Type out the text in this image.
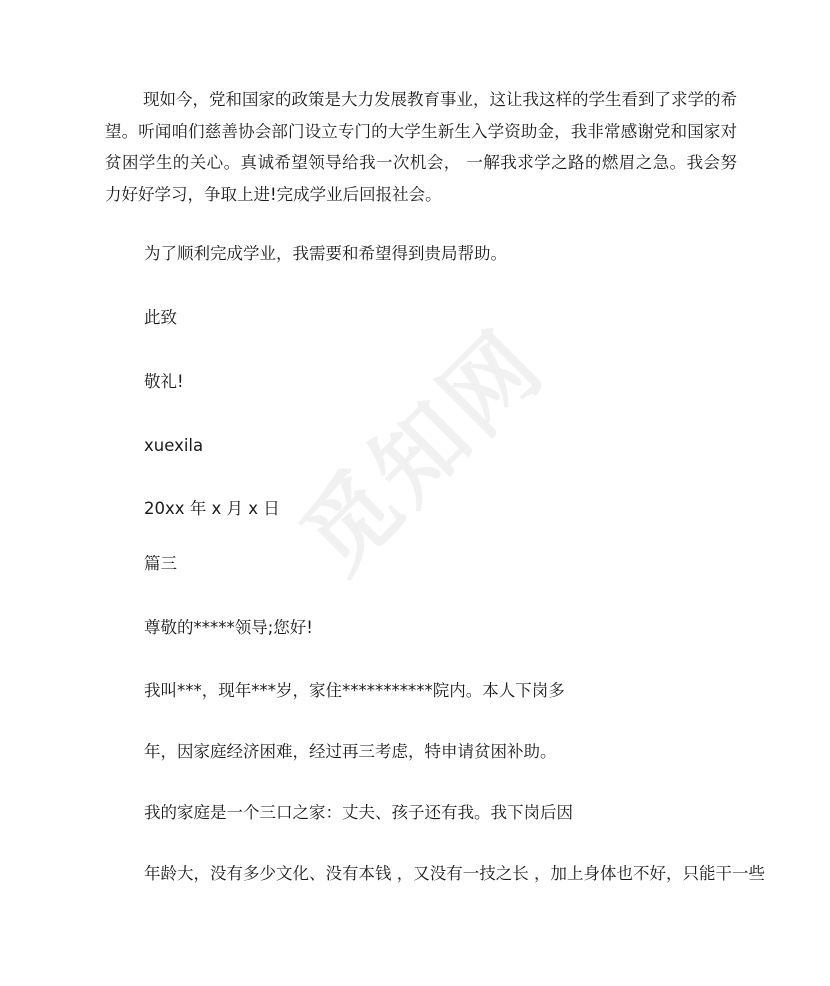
觅知网

现如今，党和国家的政策是大力发展教育事业，这让我这样的学生看到了求学的希望。听闻咱们慈善协会部门设立专门的大学生新生入学资助金，我非常感谢党和国家对贫困学生的关心。真诚希望领导给我一次机会， 一解我求学之路的燃眉之急。我会努力好好学习，争取上进!完成学业后回报社会。

为了顺利完成学业，我需要和希望得到贵局帮助。

此致

敬礼!

xuexila

20xx 年 x 月 x 日

篇三

尊敬的*****领导;您好!

我叫***，现年***岁，家住***********院内。本人下岗多

年，因家庭经济困难，经过再三考虑，特申请贫困补助。

我的家庭是一个三口之家：丈夫、孩子还有我。我下岗后因

年龄大，没有多少文化、没有本钱 ，又没有一技之长 ，加上身体也不好，只能干一些
